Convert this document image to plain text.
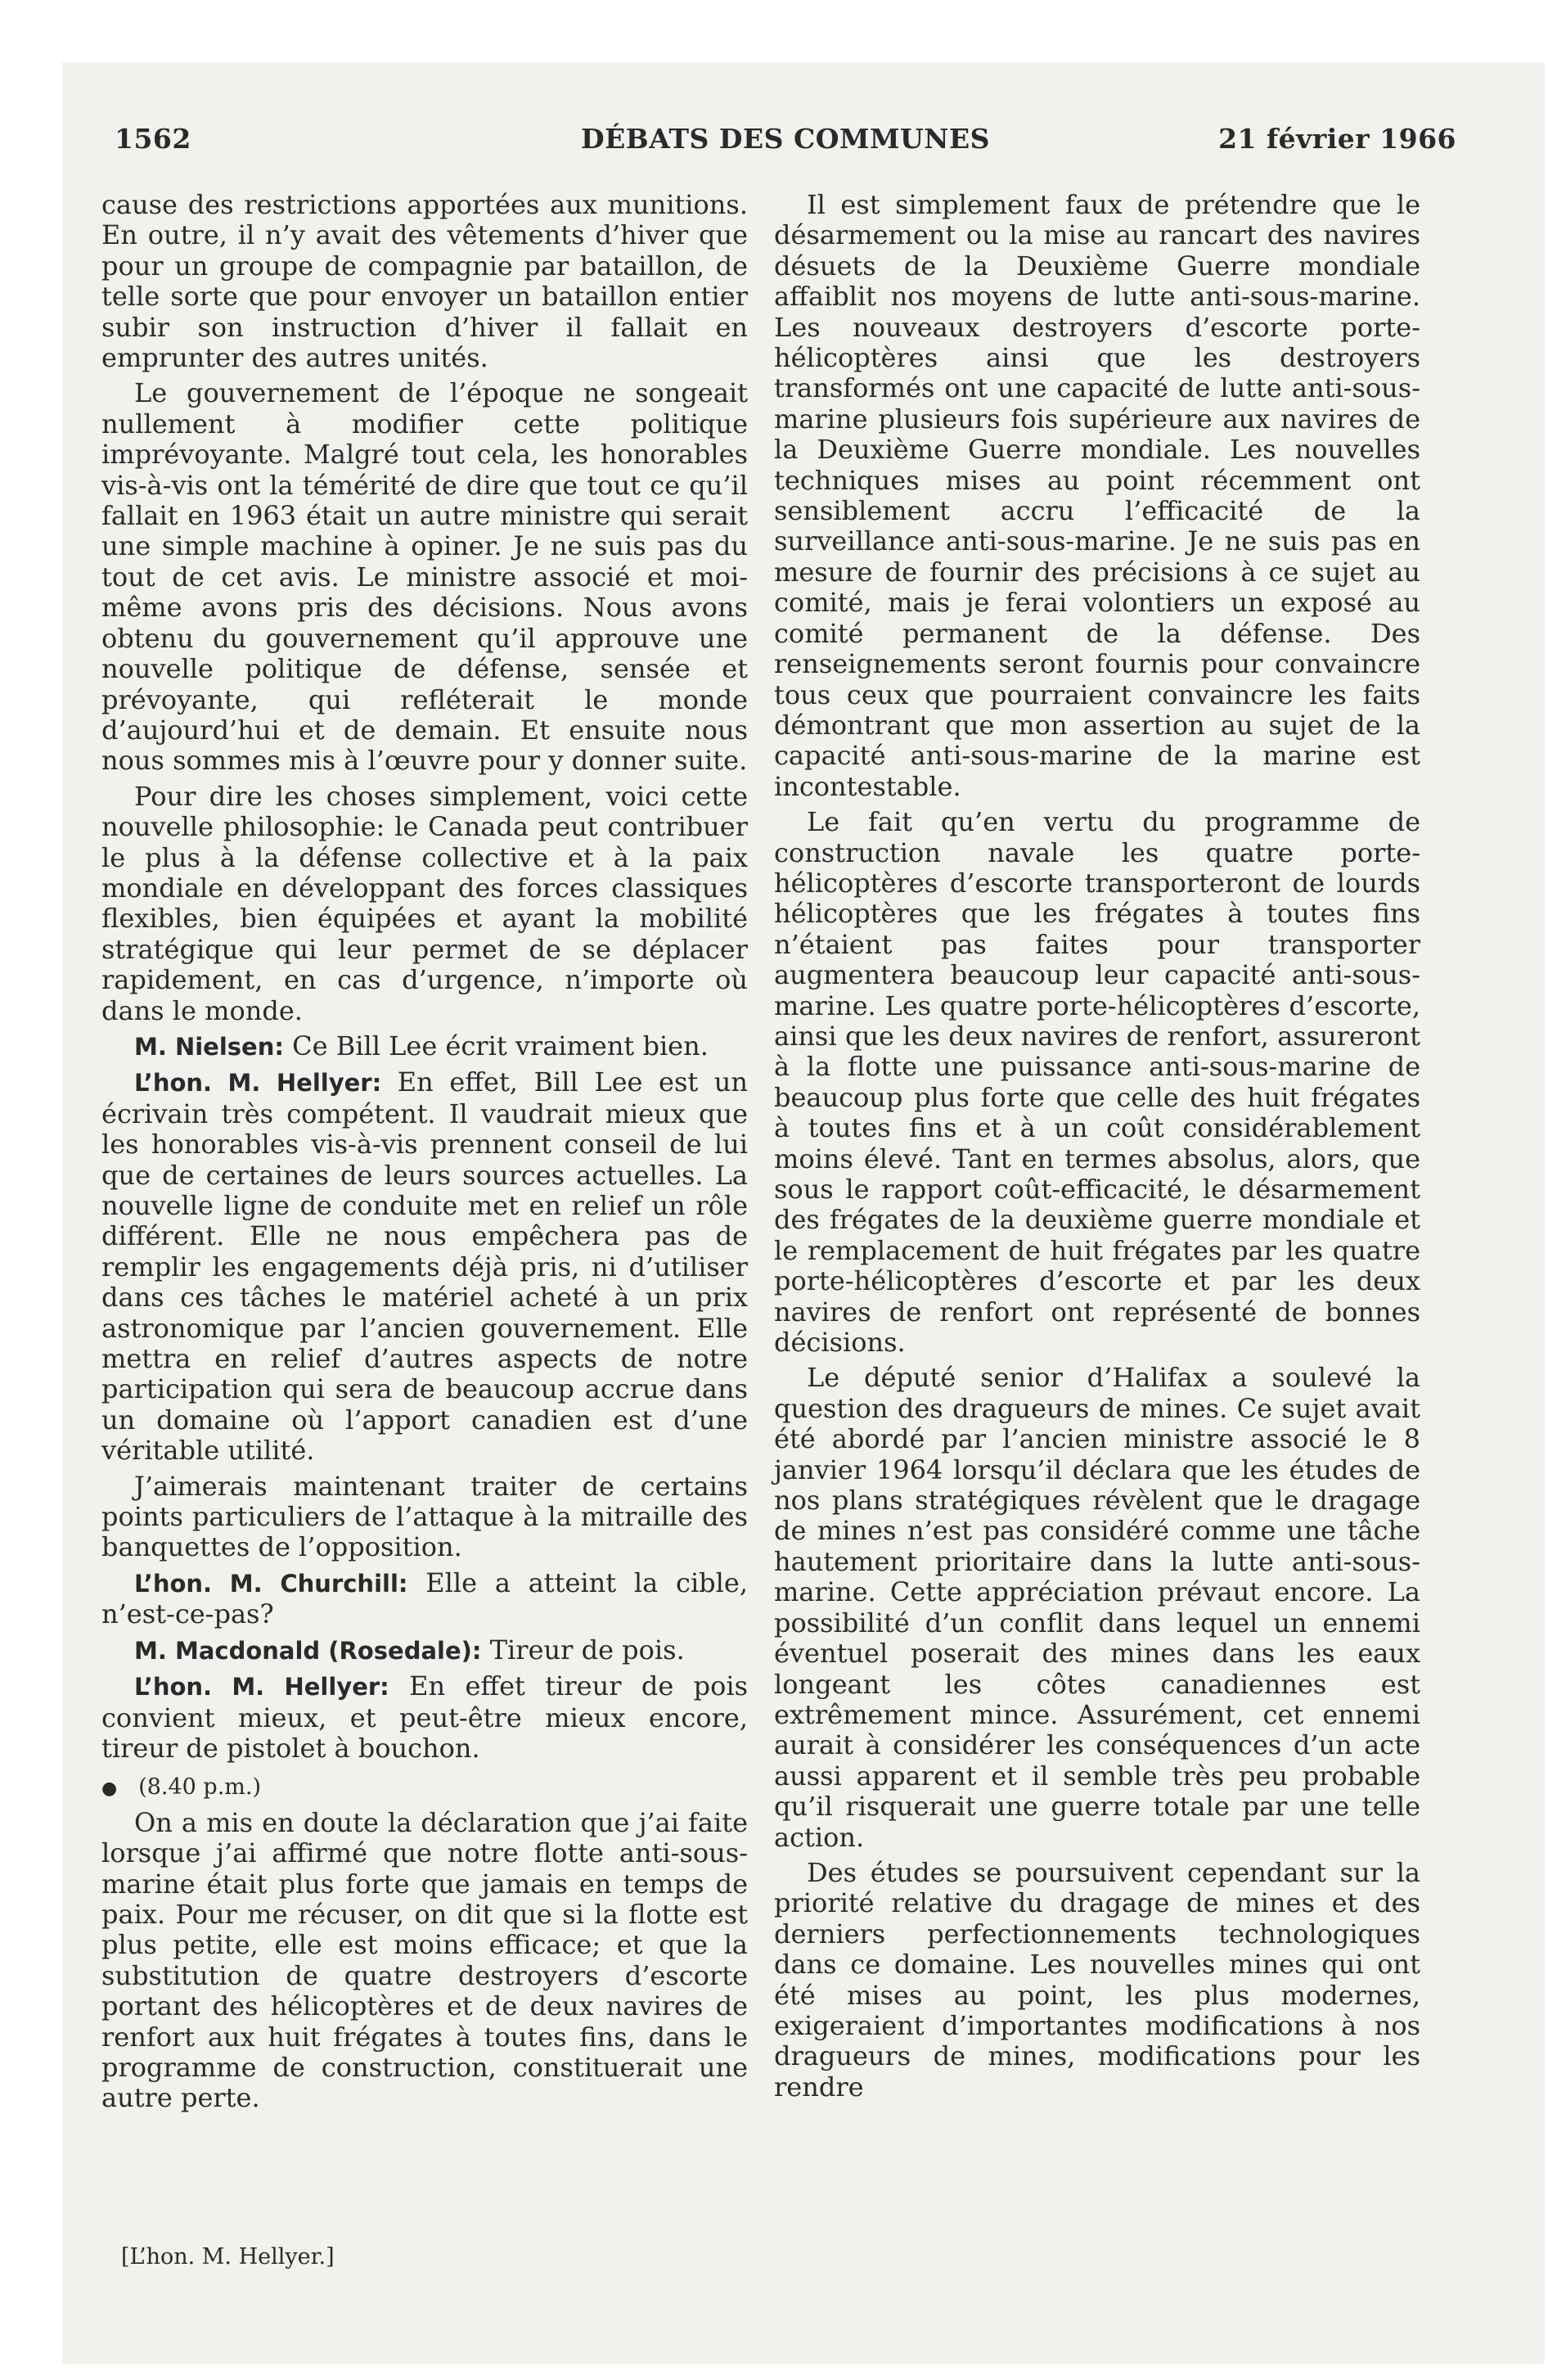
1562	DÉBATS DES COMMUNES	21 février 1966

cause des restrictions apportées aux munitions. En outre, il n’y avait des vêtements d’hiver que pour un groupe de compagnie par bataillon, de telle sorte que pour envoyer un bataillon entier subir son instruction d’hiver il fallait en emprunter des autres unités.

Le gouvernement de l’époque ne songeait nullement à modifier cette politique imprévoyante. Malgré tout cela, les honorables vis-à-vis ont la témérité de dire que tout ce qu’il fallait en 1963 était un autre ministre qui serait une simple machine à opiner. Je ne suis pas du tout de cet avis. Le ministre associé et moi-même avons pris des décisions. Nous avons obtenu du gouvernement qu’il approuve une nouvelle politique de défense, sensée et prévoyante, qui refléterait le monde d’aujourd’hui et de demain. Et ensuite nous nous sommes mis à l’œuvre pour y donner suite.

Pour dire les choses simplement, voici cette nouvelle philosophie: le Canada peut contribuer le plus à la défense collective et à la paix mondiale en développant des forces classiques flexibles, bien équipées et ayant la mobilité stratégique qui leur permet de se déplacer rapidement, en cas d’urgence, n’importe où dans le monde.

M. Nielsen: Ce Bill Lee écrit vraiment bien.

L’hon. M. Hellyer: En effet, Bill Lee est un écrivain très compétent. Il vaudrait mieux que les honorables vis-à-vis prennent conseil de lui que de certaines de leurs sources actuelles. La nouvelle ligne de conduite met en relief un rôle différent. Elle ne nous empêchera pas de remplir les engagements déjà pris, ni d’utiliser dans ces tâches le matériel acheté à un prix astronomique par l’ancien gouvernement. Elle mettra en relief d’autres aspects de notre participation qui sera de beaucoup accrue dans un domaine où l’apport canadien est d’une véritable utilité.

J’aimerais maintenant traiter de certains points particuliers de l’attaque à la mitraille des banquettes de l’opposition.

L’hon. M. Churchill: Elle a atteint la cible, n’est-ce-pas?

M. Macdonald (Rosedale): Tireur de pois.

L’hon. M. Hellyer: En effet tireur de pois convient mieux, et peut-être mieux encore, tireur de pistolet à bouchon.

● (8.40 p.m.)

On a mis en doute la déclaration que j’ai faite lorsque j’ai affirmé que notre flotte anti-sous-marine était plus forte que jamais en temps de paix. Pour me récuser, on dit que si la flotte est plus petite, elle est moins efficace; et que la substitution de quatre destroyers d’escorte portant des hélicoptères et de deux navires de renfort aux huit frégates à toutes fins, dans le programme de construction, constituerait une autre perte.

Il est simplement faux de prétendre que le désarmement ou la mise au rancart des navires désuets de la Deuxième Guerre mondiale affaiblit nos moyens de lutte anti-sous-marine. Les nouveaux destroyers d’escorte porte-hélicoptères ainsi que les destroyers transformés ont une capacité de lutte anti-sous-marine plusieurs fois supérieure aux navires de la Deuxième Guerre mondiale. Les nouvelles techniques mises au point récemment ont sensiblement accru l’efficacité de la surveillance anti-sous-marine. Je ne suis pas en mesure de fournir des précisions à ce sujet au comité, mais je ferai volontiers un exposé au comité permanent de la défense. Des renseignements seront fournis pour convaincre tous ceux que pourraient convaincre les faits démontrant que mon assertion au sujet de la capacité anti-sous-marine de la marine est incontestable.

Le fait qu’en vertu du programme de construction navale les quatre porte-hélicoptères d’escorte transporteront de lourds hélicoptères que les frégates à toutes fins n’étaient pas faites pour transporter augmentera beaucoup leur capacité anti-sous-marine. Les quatre porte-hélicoptères d’escorte, ainsi que les deux navires de renfort, assureront à la flotte une puissance anti-sous-marine de beaucoup plus forte que celle des huit frégates à toutes fins et à un coût considérablement moins élevé. Tant en termes absolus, alors, que sous le rapport coût-efficacité, le désarmement des frégates de la deuxième guerre mondiale et le remplacement de huit frégates par les quatre porte-hélicoptères d’escorte et par les deux navires de renfort ont représenté de bonnes décisions.

Le député senior d’Halifax a soulevé la question des dragueurs de mines. Ce sujet avait été abordé par l’ancien ministre associé le 8 janvier 1964 lorsqu’il déclara que les études de nos plans stratégiques révèlent que le dragage de mines n’est pas considéré comme une tâche hautement prioritaire dans la lutte anti-sous-marine. Cette appréciation prévaut encore. La possibilité d’un conflit dans lequel un ennemi éventuel poserait des mines dans les eaux longeant les côtes canadiennes est extrêmement mince. Assurément, cet ennemi aurait à considérer les conséquences d’un acte aussi apparent et il semble très peu probable qu’il risquerait une guerre totale par une telle action.

Des études se poursuivent cependant sur la priorité relative du dragage de mines et des derniers perfectionnements technologiques dans ce domaine. Les nouvelles mines qui ont été mises au point, les plus modernes, exigeraient d’importantes modifications à nos dragueurs de mines, modifications pour les rendre

[L’hon. M. Hellyer.]
